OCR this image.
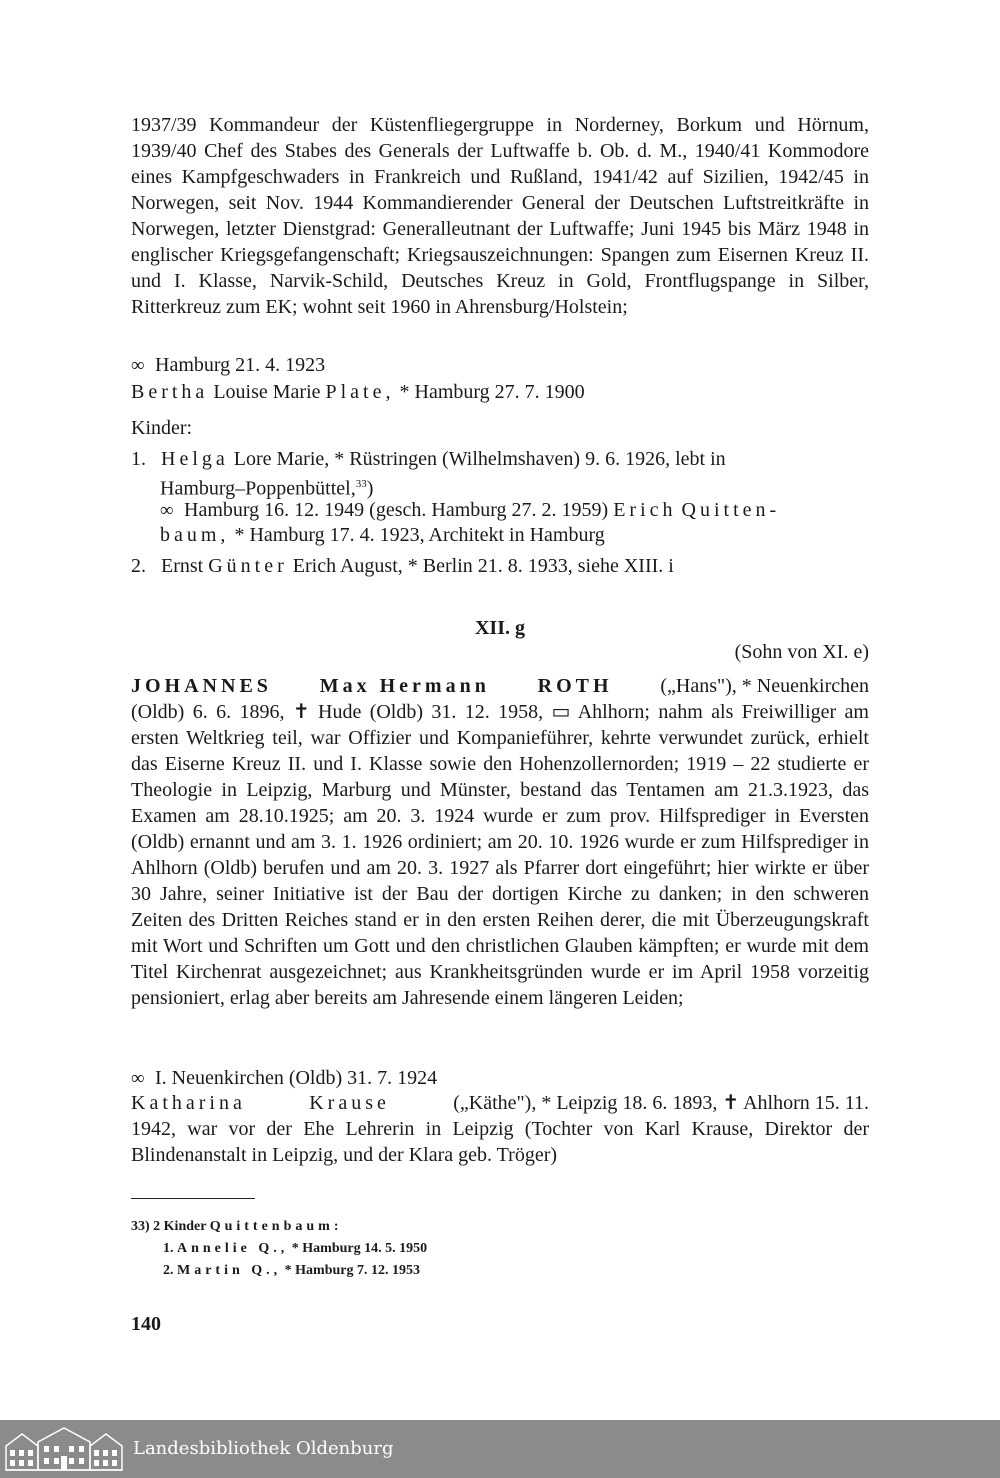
1937/39 Kommandeur der Küstenfliegergruppe in Norderney, Borkum und Hörnum, 1939/40 Chef des Stabes des Generals der Luftwaffe b. Ob. d. M., 1940/41 Kommodore eines Kampfgeschwaders in Frankreich und Rußland, 1941/42 auf Sizilien, 1942/45 in Norwegen, seit Nov. 1944 Kommandierender General der Deutschen Luftstreitkräfte in Norwegen, letzter Dienstgrad: Generalleutnant der Luftwaffe; Juni 1945 bis März 1948 in englischer Kriegsgefangenschaft; Kriegsauszeichnungen: Spangen zum Eisernen Kreuz II. und I. Klasse, Narvik-Schild, Deutsches Kreuz in Gold, Frontflugspange in Silber, Ritterkreuz zum EK; wohnt seit 1960 in Ahrensburg/Holstein;
∞ Hamburg 21. 4. 1923
Bertha Louise Marie Plate, * Hamburg 27. 7. 1900
Kinder:
1. Helga Lore Marie, * Rüstringen (Wilhelmshaven) 9. 6. 1926, lebt in
Hamburg–Poppenbüttel,$^{33}$)
∞ Hamburg 16. 12. 1949 (gesch. Hamburg 27. 2. 1959) Erich Quitten-
baum, * Hamburg 17. 4. 1923, Architekt in Hamburg
2. Ernst Günter Erich August, * Berlin 21. 8. 1933, siehe XIII. i
XII. g
(Sohn von XI. e)
JOHANNES Max Hermann ROTH („Hans"), * Neuenkirchen
(Oldb) 6. 6. 1896, ✝ Hude (Oldb) 31. 12. 1958, ▭ Ahlhorn; nahm als Freiwilliger am ersten Weltkrieg teil, war Offizier und Kompanieführer, kehrte verwundet zurück, erhielt das Eiserne Kreuz II. und I. Klasse sowie den Hohenzollernorden; 1919 – 22 studierte er Theologie in Leipzig, Marburg und Münster, bestand das Tentamen am 21.3.1923, das Examen am 28.10.1925; am 20. 3. 1924 wurde er zum prov. Hilfsprediger in Eversten (Oldb) ernannt und am 3. 1. 1926 ordiniert; am 20. 10. 1926 wurde er zum Hilfsprediger in Ahlhorn (Oldb) berufen und am 20. 3. 1927 als Pfarrer dort eingeführt; hier wirkte er über 30 Jahre, seiner Initiative ist der Bau der dortigen Kirche zu danken; in den schweren Zeiten des Dritten Reiches stand er in den ersten Reihen derer, die mit Überzeugungskraft mit Wort und Schriften um Gott und den christlichen Glauben kämpften; er wurde mit dem Titel Kirchenrat ausgezeichnet; aus Krankheitsgründen wurde er im April 1958 vorzeitig pensioniert, erlag aber bereits am Jahresende einem längeren Leiden;
∞ I. Neuenkirchen (Oldb) 31. 7. 1924
Katharina	Krause	(„Käthe"), * Leipzig 18. 6. 1893, ✝ Ahlhorn 15. 11.
1942, war vor der Ehe Lehrerin in Leipzig (Tochter von Karl Krause, Direktor der Blindenanstalt in Leipzig, und der Klara geb. Tröger)
33) 2 Kinder Quittenbaum:
1. Annelie Q., * Hamburg 14. 5. 1950
2. Martin Q., * Hamburg 7. 12. 1953
140
Landesbibliothek Oldenburg
